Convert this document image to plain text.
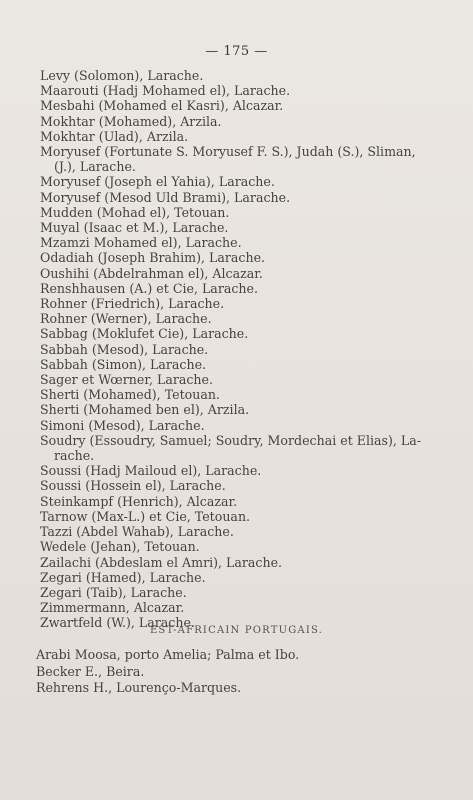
— 175 —
Levy (Solomon), Larache.
Maarouti (Hadj Mohamed el), Larache.
Mesbahi (Mohamed el Kasri), Alcazar.
Mokhtar (Mohamed), Arzila.
Mokhtar (Ulad), Arzila.
Moryusef (Fortunate S. Moryusef F. S.), Judah (S.), Sliman,
(J.), Larache.
Moryusef (Joseph el Yahia), Larache.
Moryusef (Mesod Uld Brami), Larache.
Mudden (Mohad el), Tetouan.
Muyal (Isaac et M.), Larache.
Mzamzi Mohamed el), Larache.
Odadiah (Joseph Brahim), Larache.
Oushihi (Abdelrahman el), Alcazar.
Renshhausen (A.) et Cie, Larache.
Rohner (Friedrich), Larache.
Rohner (Werner), Larache.
Sabbag (Moklufet Cie), Larache.
Sabbah (Mesod), Larache.
Sabbah (Simon), Larache.
Sager et Wœrner, Larache.
Sherti (Mohamed), Tetouan.
Sherti (Mohamed ben el), Arzila.
Simoni (Mesod), Larache.
Soudry (Essoudry, Samuel; Soudry, Mordechai et Elias), La-
rache.
Soussi (Hadj Mailoud el), Larache.
Soussi (Hossein el), Larache.
Steinkampf (Henrich), Alcazar.
Tarnow (Max-L.) et Cie, Tetouan.
Tazzi (Abdel Wahab), Larache.
Wedele (Jehan), Tetouan.
Zailachi (Abdeslam el Amri), Larache.
Zegari (Hamed), Larache.
Zegari (Taib), Larache.
Zimmermann, Alcazar.
Zwartfeld (W.), Larache.
EST-AFRICAIN PORTUGAIS.
Arabi Moosa, porto Amelia; Palma et Ibo.
Becker E., Beira.
Rehrens H., Lourenço-Marques.
